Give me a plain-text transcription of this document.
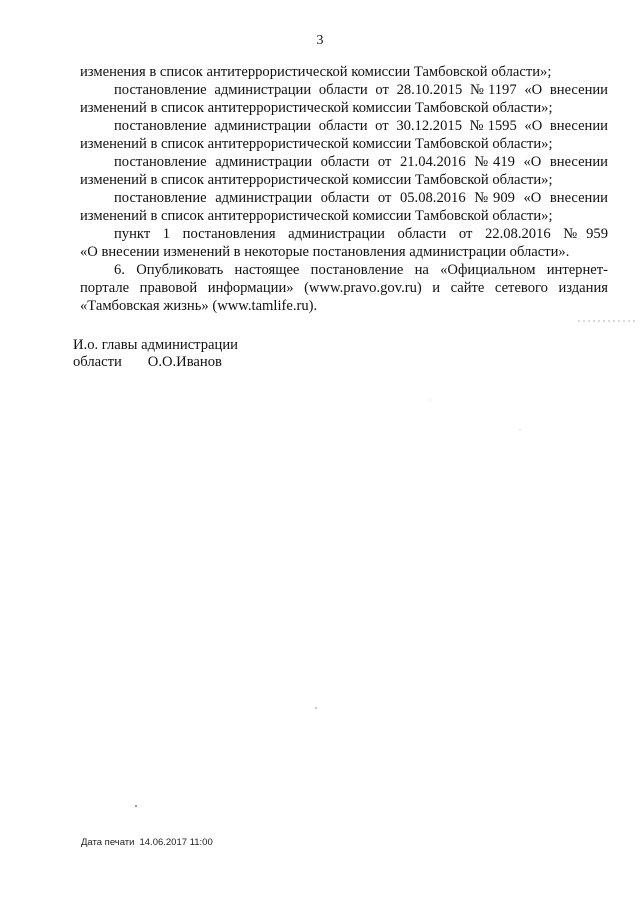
3
изменения в список антитеррористической комиссии Тамбовской области»;
постановление администрации области от 28.10.2015 №1197 «О внесении
изменений в список антитеррористической комиссии Тамбовской области»;
постановление администрации области от 30.12.2015 №1595 «О внесении
изменений в список антитеррористической комиссии Тамбовской области»;
постановление администрации области от 21.04.2016 №419 «О внесении
изменений в список антитеррористической комиссии Тамбовской области»;
постановление администрации области от 05.08.2016 №909 «О внесении
изменений в список антитеррористической комиссии Тамбовской области»;
пункт 1 постановления администрации области от 22.08.2016 №959
«О внесении изменений в некоторые постановления администрации области».
6. Опубликовать настоящее постановление на «Официальном интернет-
портале правовой информации» (www.pravo.gov.ru) и сайте сетевого издания
«Тамбовская жизнь» (www.tamlife.ru).
И.о. главы администрации
области О.О.Иванов
Дата печати 14.06.2017 11:00
